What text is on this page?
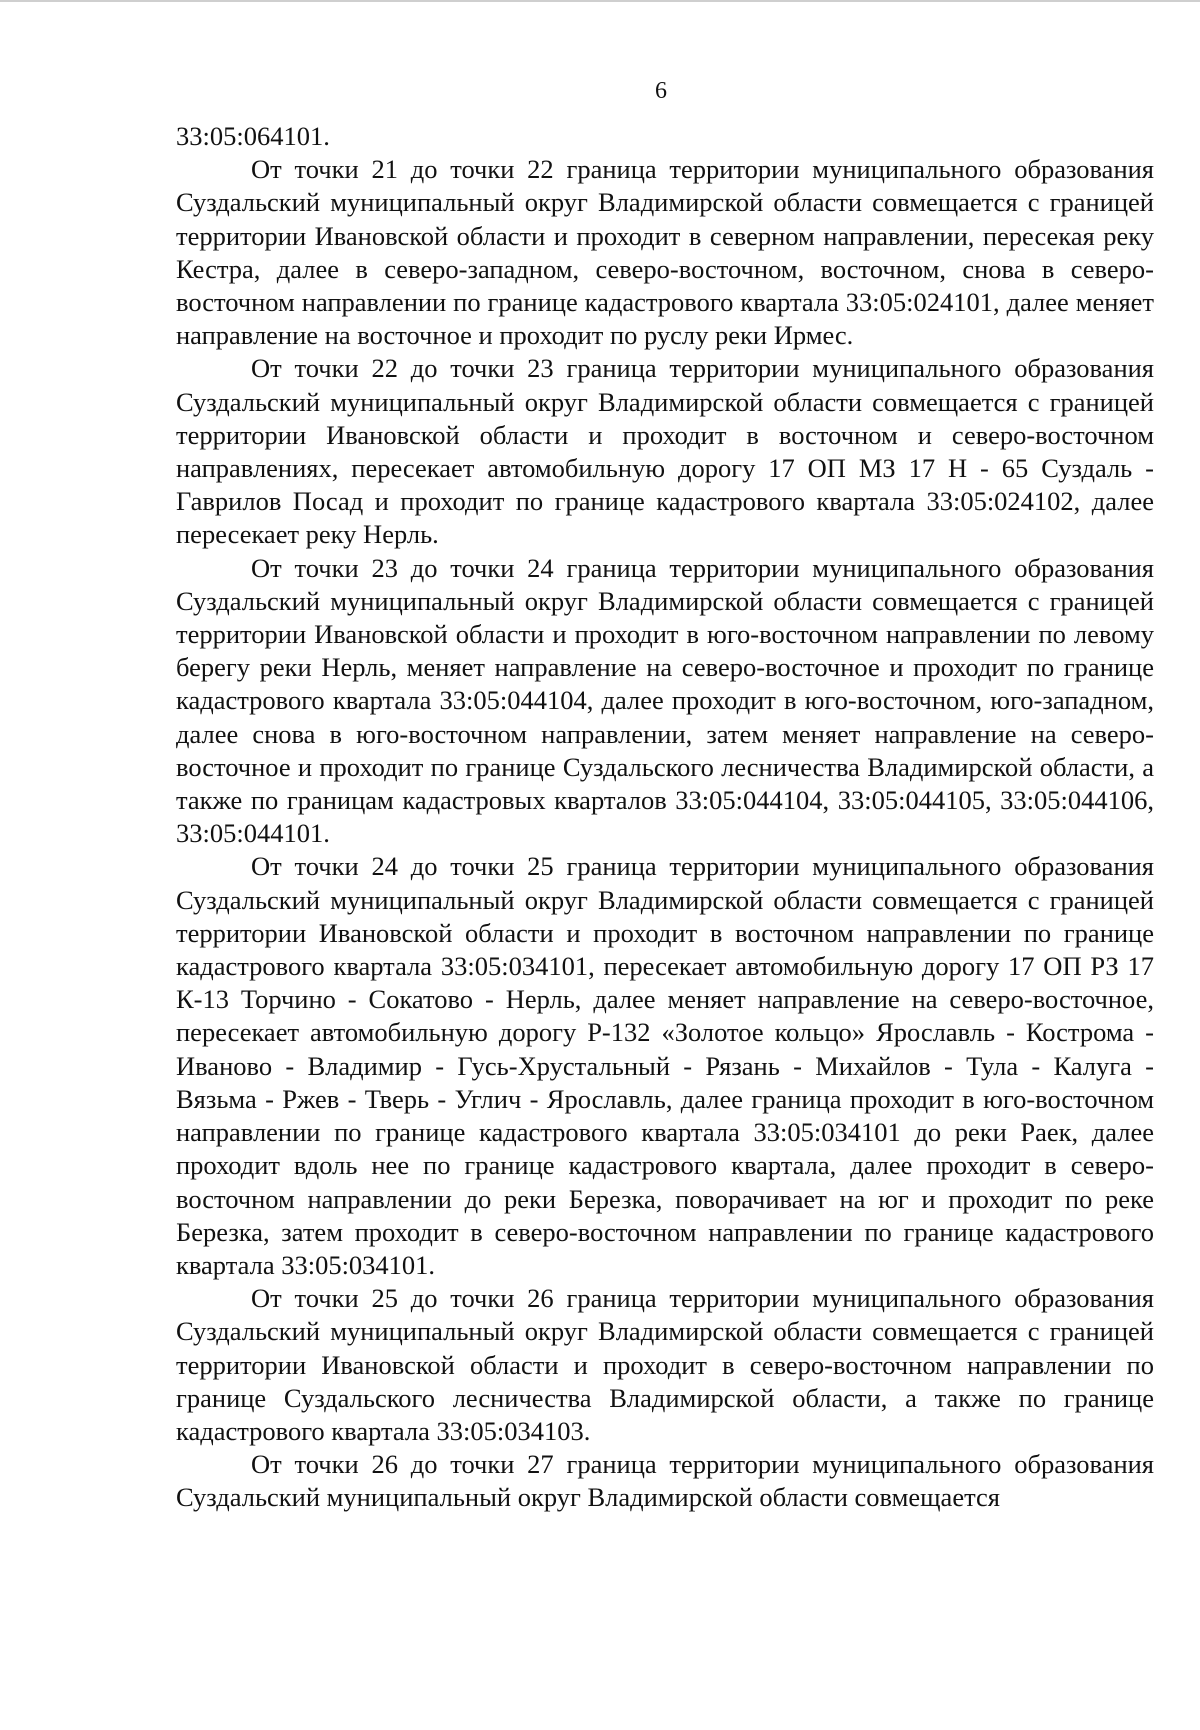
6

33:05:064101.

От точки 21 до точки 22 граница территории муниципального образования Суздальский муниципальный округ Владимирской области совмещается с границей территории Ивановской области и проходит в северном направлении, пересекая реку Кестра, далее в северо-западном, северо-восточном, восточном, снова в северо-восточном направлении по границе кадастрового квартала 33:05:024101, далее меняет направление на восточное и проходит по руслу реки Ирмес.

От точки 22 до точки 23 граница территории муниципального образования Суздальский муниципальный округ Владимирской области совмещается с границей территории Ивановской области и проходит в восточном и северо-восточном направлениях, пересекает автомобильную дорогу 17 ОП МЗ 17 Н - 65 Суздаль - Гаврилов Посад и проходит по границе кадастрового квартала 33:05:024102, далее пересекает реку Нерль.

От точки 23 до точки 24 граница территории муниципального образования Суздальский муниципальный округ Владимирской области совмещается с границей территории Ивановской области и проходит в юго-восточном направлении по левому берегу реки Нерль, меняет направление на северо-восточное и проходит по границе кадастрового квартала 33:05:044104, далее проходит в юго-восточном, юго-западном, далее снова в юго-восточном направлении, затем меняет направление на северо-восточное и проходит по границе Суздальского лесничества Владимирской области, а также по границам кадастровых кварталов 33:05:044104, 33:05:044105, 33:05:044106, 33:05:044101.

От точки 24 до точки 25 граница территории муниципального образования Суздальский муниципальный округ Владимирской области совмещается с границей территории Ивановской области и проходит в восточном направлении по границе кадастрового квартала 33:05:034101, пересекает автомобильную дорогу 17 ОП РЗ 17 К-13 Торчино - Сокатово - Нерль, далее меняет направление на северо-восточное, пересекает автомобильную дорогу Р-132 «Золотое кольцо» Ярославль - Кострома - Иваново - Владимир - Гусь-Хрустальный - Рязань - Михайлов - Тула - Калуга - Вязьма - Ржев - Тверь - Углич - Ярославль, далее граница проходит в юго-восточном направлении по границе кадастрового квартала 33:05:034101 до реки Раек, далее проходит вдоль нее по границе кадастрового квартала, далее проходит в северо-восточном направлении до реки Березка, поворачивает на юг и проходит по реке Березка, затем проходит в северо-восточном направлении по границе кадастрового квартала 33:05:034101.

От точки 25 до точки 26 граница территории муниципального образования Суздальский муниципальный округ Владимирской области совмещается с границей территории Ивановской области и проходит в северо-восточном направлении по границе Суздальского лесничества Владимирской области, а также по границе кадастрового квартала 33:05:034103.

От точки 26 до точки 27 граница территории муниципального образования Суздальский муниципальный округ Владимирской области совмещается
